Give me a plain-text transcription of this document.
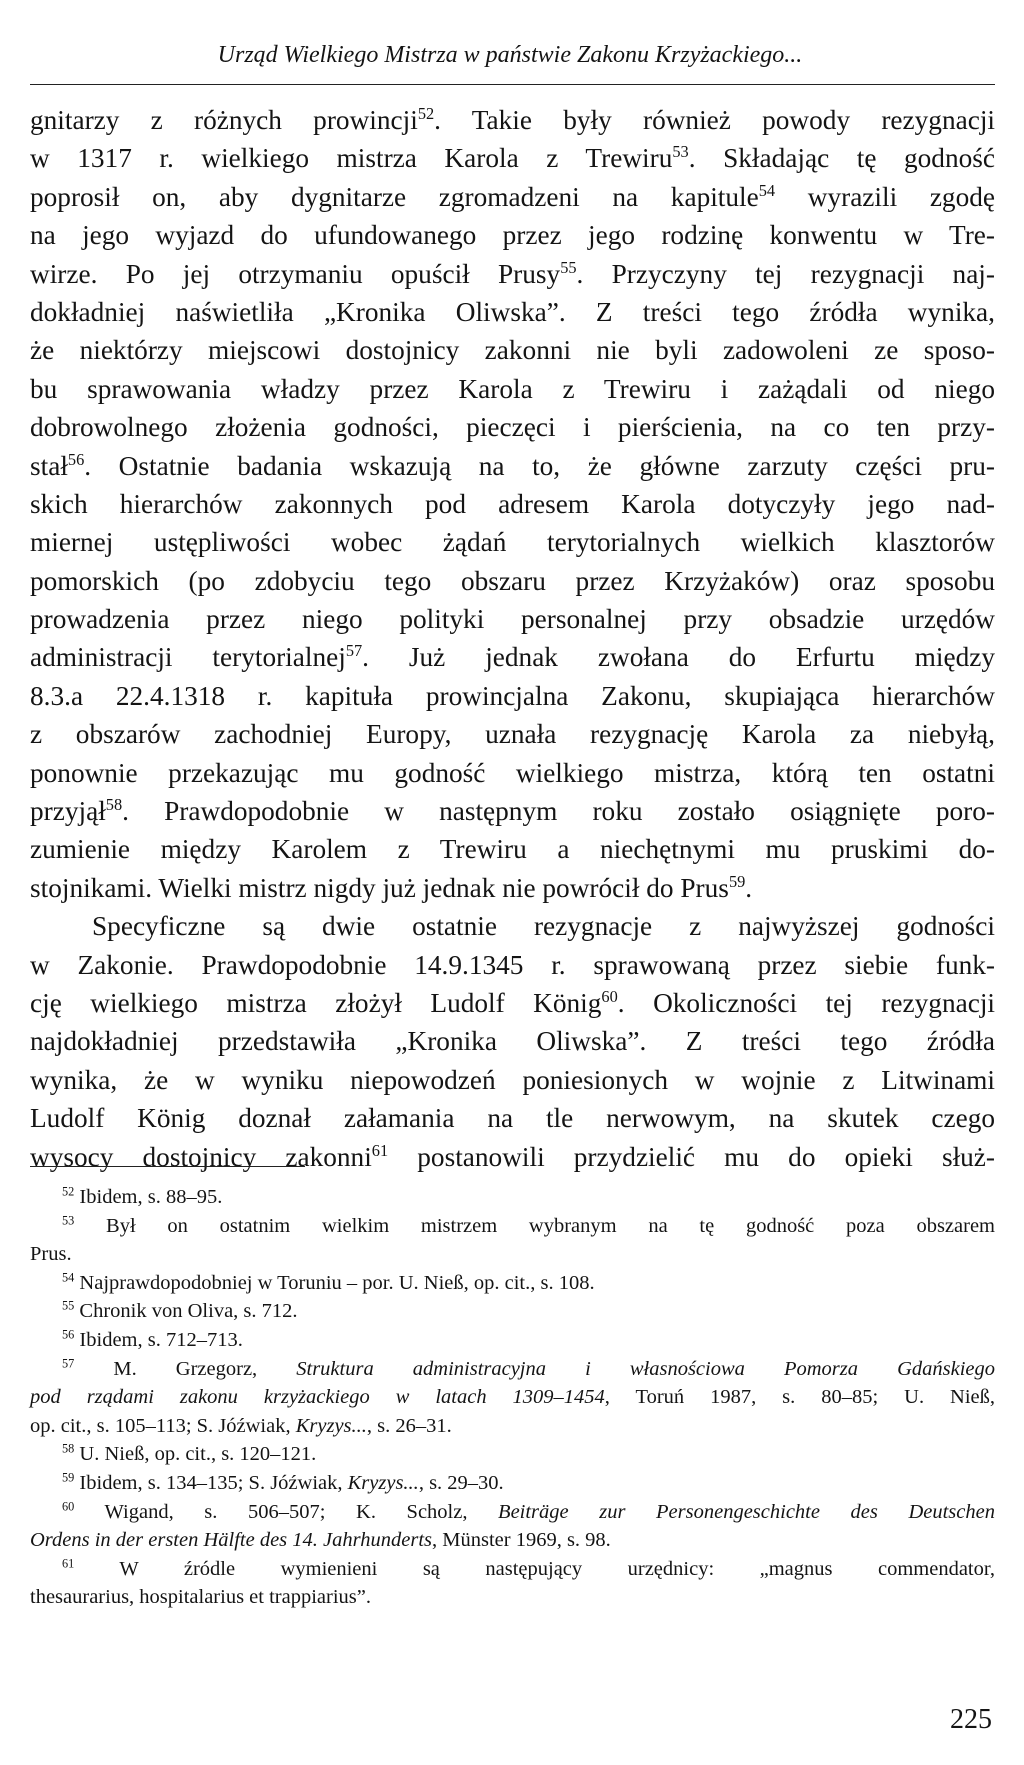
Urząd Wielkiego Mistrza w państwie Zakonu Krzyżackiego...
gnitarzy z różnych prowincji$^{52}$. Takie były również powody rezygnacji
w 1317 r. wielkiego mistrza Karola z Trewiru$^{53}$. Składając tę godność
poprosił on, aby dygnitarze zgromadzeni na kapitule$^{54}$ wyrazili zgodę
na jego wyjazd do ufundowanego przez jego rodzinę konwentu w Tre-
wirze. Po jej otrzymaniu opuścił Prusy$^{55}$. Przyczyny tej rezygnacji naj-
dokładniej naświetliła „Kronika Oliwska”. Z treści tego źródła wynika,
że niektórzy miejscowi dostojnicy zakonni nie byli zadowoleni ze sposo-
bu sprawowania władzy przez Karola z Trewiru i zażądali od niego
dobrowolnego złożenia godności, pieczęci i pierścienia, na co ten przy-
stał$^{56}$. Ostatnie badania wskazują na to, że główne zarzuty części pru-
skich hierarchów zakonnych pod adresem Karola dotyczyły jego nad-
miernej ustępliwości wobec żądań terytorialnych wielkich klasztorów
pomorskich (po zdobyciu tego obszaru przez Krzyżaków) oraz sposobu
prowadzenia przez niego polityki personalnej przy obsadzie urzędów
administracji terytorialnej$^{57}$. Już jednak zwołana do Erfurtu między
8.3.a 22.4.1318 r. kapituła prowincjalna Zakonu, skupiająca hierarchów
z obszarów zachodniej Europy, uznała rezygnację Karola za niebyłą,
ponownie przekazując mu godność wielkiego mistrza, którą ten ostatni
przyjął$^{58}$. Prawdopodobnie w następnym roku zostało osiągnięte poro-
zumienie między Karolem z Trewiru a niechętnymi mu pruskimi do-
stojnikami. Wielki mistrz nigdy już jednak nie powrócił do Prus$^{59}$.
Specyficzne są dwie ostatnie rezygnacje z najwyższej godności
w Zakonie. Prawdopodobnie 14.9.1345 r. sprawowaną przez siebie funk-
cję wielkiego mistrza złożył Ludolf König$^{60}$. Okoliczności tej rezygnacji
najdokładniej przedstawiła „Kronika Oliwska”. Z treści tego źródła
wynika, że w wyniku niepowodzeń poniesionych w wojnie z Litwinami
Ludolf König doznał załamania na tle nerwowym, na skutek czego
wysocy dostojnicy zakonni$^{61}$ postanowili przydzielić mu do opieki służ-
$^{52}$ Ibidem, s. 88–95.
$^{53}$ Był on ostatnim wielkim mistrzem wybranym na tę godność poza obszarem
Prus.
$^{54}$ Najprawdopodobniej w Toruniu – por. U. Nieß, op. cit., s. 108.
$^{55}$ Chronik von Oliva, s. 712.
$^{56}$ Ibidem, s. 712–713.
$^{57}$ M. Grzegorz, Struktura administracyjna i własnościowa Pomorza Gdańskiego
pod rządami zakonu krzyżackiego w latach 1309–1454, Toruń 1987, s. 80–85; U. Nieß,
op. cit., s. 105–113; S. Jóźwiak, Kryzys..., s. 26–31.
$^{58}$ U. Nieß, op. cit., s. 120–121.
$^{59}$ Ibidem, s. 134–135; S. Jóźwiak, Kryzys..., s. 29–30.
$^{60}$ Wigand, s. 506–507; K. Scholz, Beiträge zur Personengeschichte des Deutschen
Ordens in der ersten Hälfte des 14. Jahrhunderts, Münster 1969, s. 98.
$^{61}$ W źródle wymienieni są następujący urzędnicy: „magnus commendator,
thesaurarius, hospitalarius et trappiarius”.
225
